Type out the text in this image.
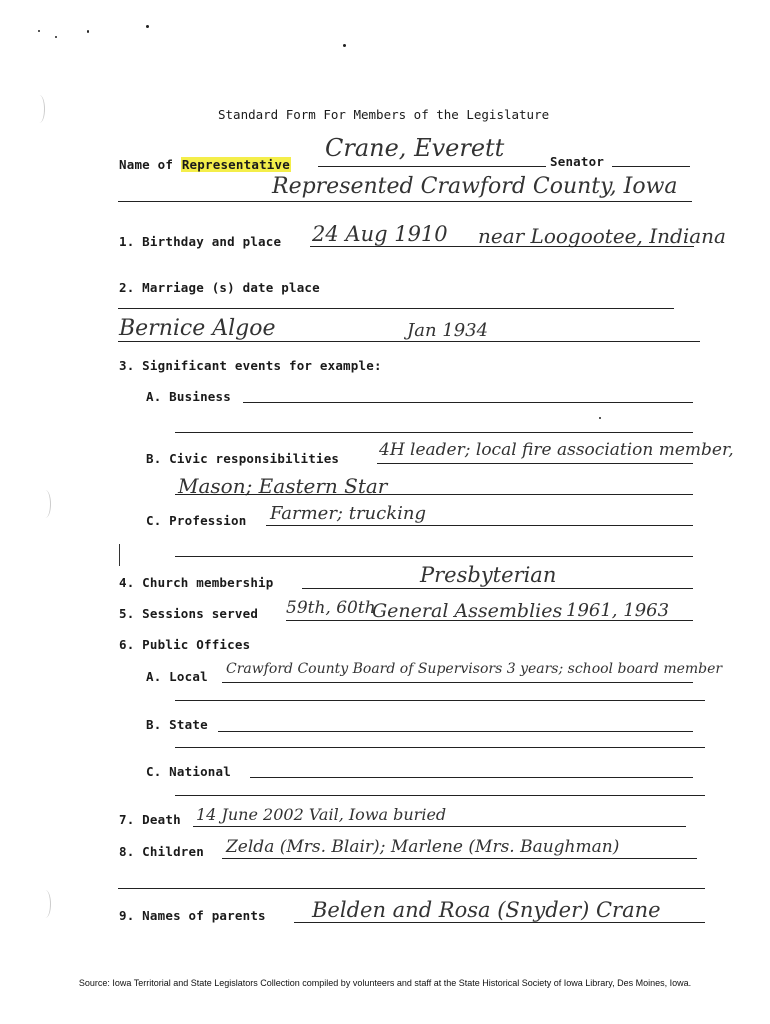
Standard Form For Members of the Legislature
Name of Representative
Crane, Everett	Senator
Represented Crawford County, Iowa
1. Birthday and place 24 Aug 1910 near Loogootee, Indiana
2. Marriage (s) date place
Bernice Algoe	Jan 1934
3. Significant events for example:
A. Business
B. Civic responsibilities 4H leader; local fire association member,
Mason; Eastern Star
C. Profession Farmer; trucking
4. Church membership	Presbyterian
5. Sessions served 59th, 60th
General Assemblies 1961, 1963
6. Public Offices
A. Local Crawford County Board of Supervisors 3 years; school board member
B. State
C. National
7. Death 14 June 2002 Vail, Iowa buried
8. Children Zelda (Mrs. Blair); Marlene (Mrs. Baughman)
9. Names of parents Belden and Rosa (Snyder) Crane
Source: Iowa Territorial and State Legislators Collection compiled by volunteers and staff at the State Historical Society of Iowa Library, Des Moines, Iowa.
